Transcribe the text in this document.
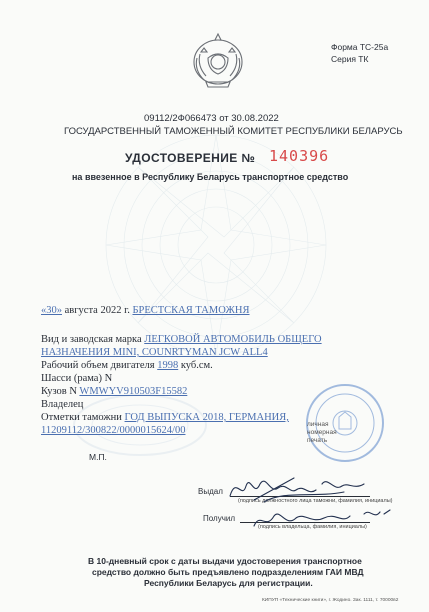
Форма ТС-25а
Серия ТК
09112/2Ф066473 от 30.08.2022
ГОСУДАРСТВЕННЫЙ ТАМОЖЕННЫЙ КОМИТЕТ РЕСПУБЛИКИ БЕЛАРУСЬ
УДОСТОВЕРЕНИЕ № 140396
на ввезенное в Республику Беларусь транспортное средство
«30» августа 2022 г. БРЕСТСКАЯ ТАМОЖНЯ
Вид и заводская марка ЛЕГКОВОЙ АВТОМОБИЛЬ ОБЩЕГО
НАЗНАЧЕНИЯ MINI, COUNRTYMAN JCW ALL4
Рабочий объем двигателя 1998 куб.см.
Шасси (рама) N
Кузов N WMWYV910503F15582
Владелец
Отметки таможни ГОД ВЫПУСКА 2018, ГЕРМАНИЯ,
11209112/300822/0000015624/00
М.П.
личная
номерная
печать
Выдал
(подпись должностного лица таможни, фамилия, инициалы)
Получил
(подпись владельца, фамилия, инициалы)
В 10-дневный срок с даты выдачи удостоверения транспортное
средство должно быть предъявлено подразделениям ГАИ МВД
Республики Беларусь для регистрации.
КИПУП «Технические книги», г. Жодино. Зак. 1111, т. 70000в2
